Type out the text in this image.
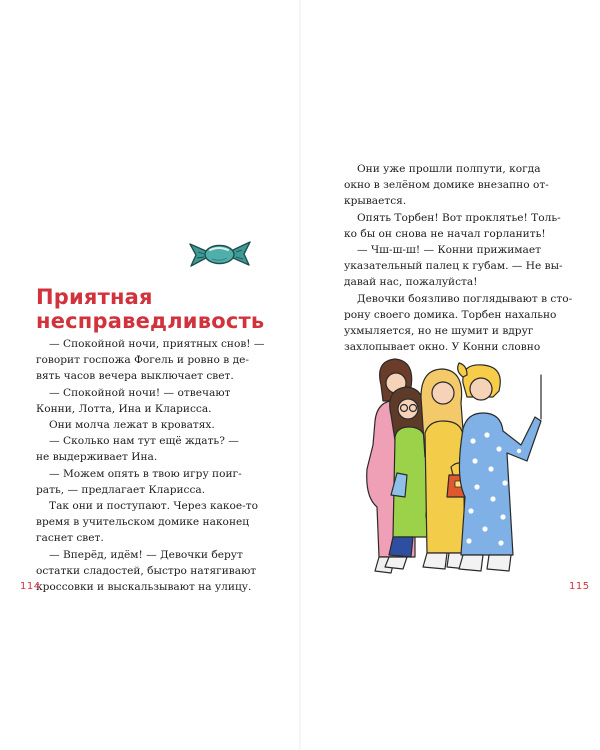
Приятная
несправедливость
— Спокойной ночи, приятных снов! —
говорит госпожа Фогель и ровно в де-
вять часов вечера выключает свет.
— Спокойной ночи! — отвечают
Конни, Лотта, Ина и Кларисса.
Они молча лежат в кроватях.
— Сколько нам тут ещё ждать? —
не выдерживает Ина.
— Можем опять в твою игру поиг-
рать, — предлагает Кларисса.
Так они и поступают. Через какое-то
время в учительском домике наконец
гаснет свет.
— Вперёд, идём! — Девочки берут
остатки сладостей, быстро натягивают
кроссовки и выскальзывают на улицу.
114
Они уже прошли полпути, когда
окно в зелёном домике внезапно от-
крывается.
Опять Торбен! Вот проклятье! Толь-
ко бы он снова не начал горланить!
— Чш-ш-ш! — Конни прижимает
указательный палец к губам. — Не вы-
давай нас, пожалуйста!
Девочки боязливо поглядывают в сто-
рону своего домика. Торбен нахально
ухмыляется, но не шумит и вдруг
захлопывает окно. У Конни словно
115
